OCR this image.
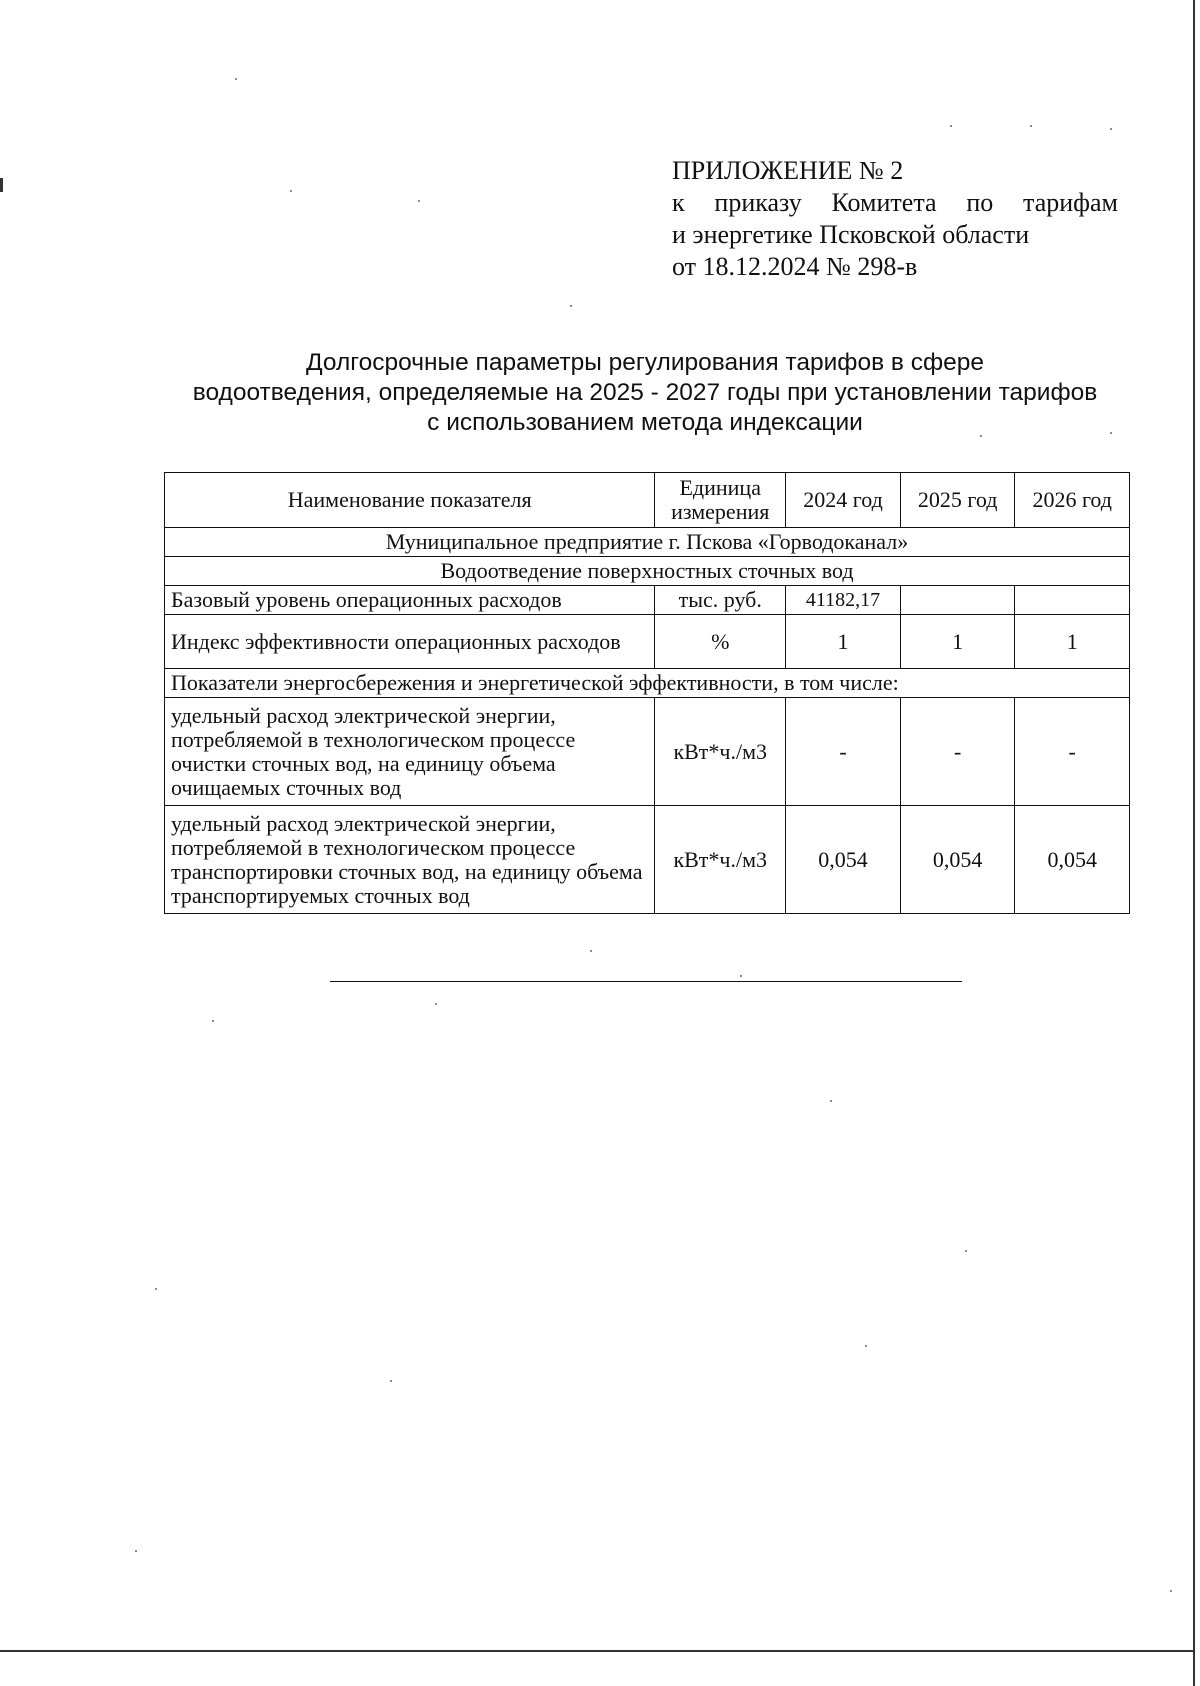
ПРИЛОЖЕНИЕ № 2
к приказу Комитета по тарифам
и энергетике Псковской области
от 18.12.2024 № 298-в
Долгосрочные параметры регулирования тарифов в сфере
водоотведения, определяемые на 2025 - 2027 годы при установлении тарифов
с использованием метода индексации
Наименование показателя	Единица измерения	2024 год	2025 год	2026 год
Муниципальное предприятие г. Пскова «Горводоканал»				
Водоотведение поверхностных сточных вод				
Базовый уровень операционных расходов	тыс. руб.	41182,17		
Индекс эффективности операционных расходов	%	1	1	1
Показатели энергосбережения и энергетической эффективности, в том числе:				
удельный расход электрической энергии, потребляемой в технологическом процессе очистки сточных вод, на единицу объема очищаемых сточных вод	кВт*ч./м3	-	-	-
удельный расход электрической энергии, потребляемой в технологическом процессе транспортировки сточных вод, на единицу объема транспортируемых сточных вод	кВт*ч./м3	0,054	0,054	0,054
